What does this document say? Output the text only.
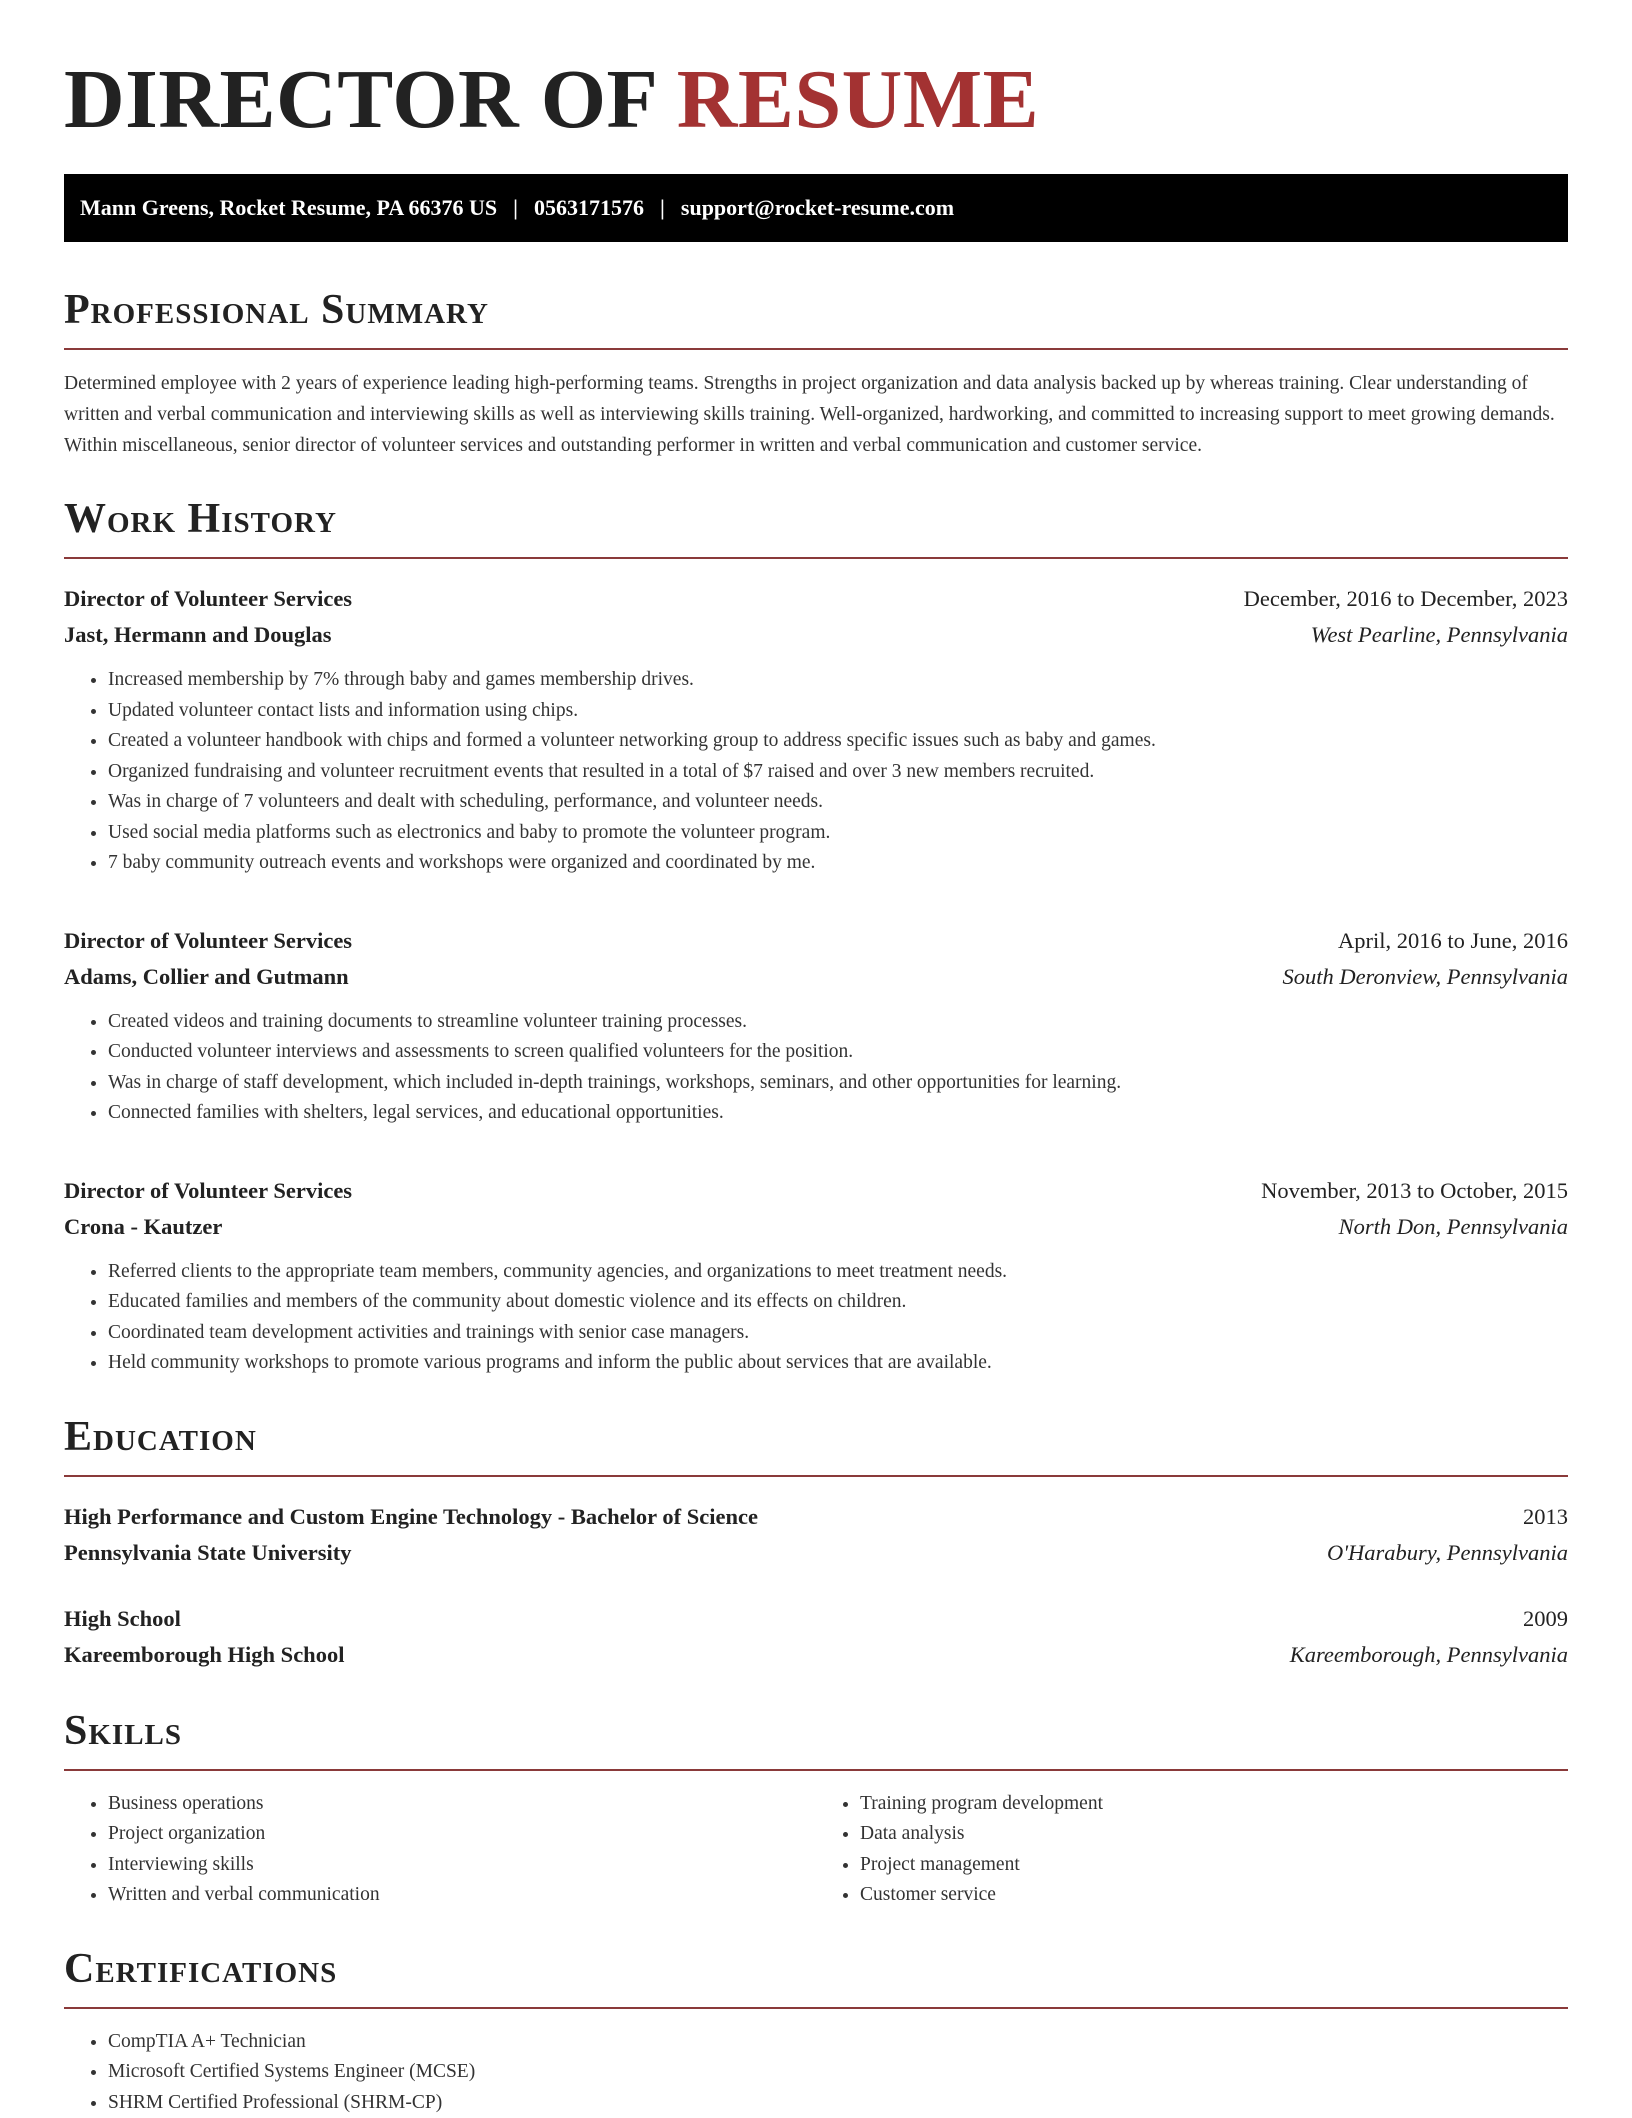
DIRECTOR OF RESUME
Mann Greens, Rocket Resume, PA 66376 US | 0563171576 | support@rocket-resume.com
Professional Summary

Determined employee with 2 years of experience leading high-performing teams. Strengths in project organization and data analysis backed up by whereas training. Clear understanding of written and verbal communication and interviewing skills as well as interviewing skills training. Well-organized, hardworking, and committed to increasing support to meet growing demands. Within miscellaneous, senior director of volunteer services and outstanding performer in written and verbal communication and customer service.

Work History
Director of Volunteer Services	December, 2016 to December, 2023
Jast, Hermann and Douglas	West Pearline, Pennsylvania
• Increased membership by 7% through baby and games membership drives.
• Updated volunteer contact lists and information using chips.
• Created a volunteer handbook with chips and formed a volunteer networking group to address specific issues such as baby and games.
• Organized fundraising and volunteer recruitment events that resulted in a total of $7 raised and over 3 new members recruited.
• Was in charge of 7 volunteers and dealt with scheduling, performance, and volunteer needs.
• Used social media platforms such as electronics and baby to promote the volunteer program.
• 7 baby community outreach events and workshops were organized and coordinated by me.
Director of Volunteer Services	April, 2016 to June, 2016
Adams, Collier and Gutmann	South Deronview, Pennsylvania
• Created videos and training documents to streamline volunteer training processes.
• Conducted volunteer interviews and assessments to screen qualified volunteers for the position.
• Was in charge of staff development, which included in-depth trainings, workshops, seminars, and other opportunities for learning.
• Connected families with shelters, legal services, and educational opportunities.
Director of Volunteer Services	November, 2013 to October, 2015
Crona - Kautzer	North Don, Pennsylvania
• Referred clients to the appropriate team members, community agencies, and organizations to meet treatment needs.
• Educated families and members of the community about domestic violence and its effects on children.
• Coordinated team development activities and trainings with senior case managers.
• Held community workshops to promote various programs and inform the public about services that are available.
Education
High Performance and Custom Engine Technology - Bachelor of Science	2013
Pennsylvania State University	O'Harabury, Pennsylvania
High School	2009
Kareemborough High School	Kareemborough, Pennsylvania
Skills
• Business operations
• Project organization
• Interviewing skills
• Written and verbal communication
• Training program development
• Data analysis
• Project management
• Customer service
Certifications
• CompTIA A+ Technician
• Microsoft Certified Systems Engineer (MCSE)
• SHRM Certified Professional (SHRM-CP)
